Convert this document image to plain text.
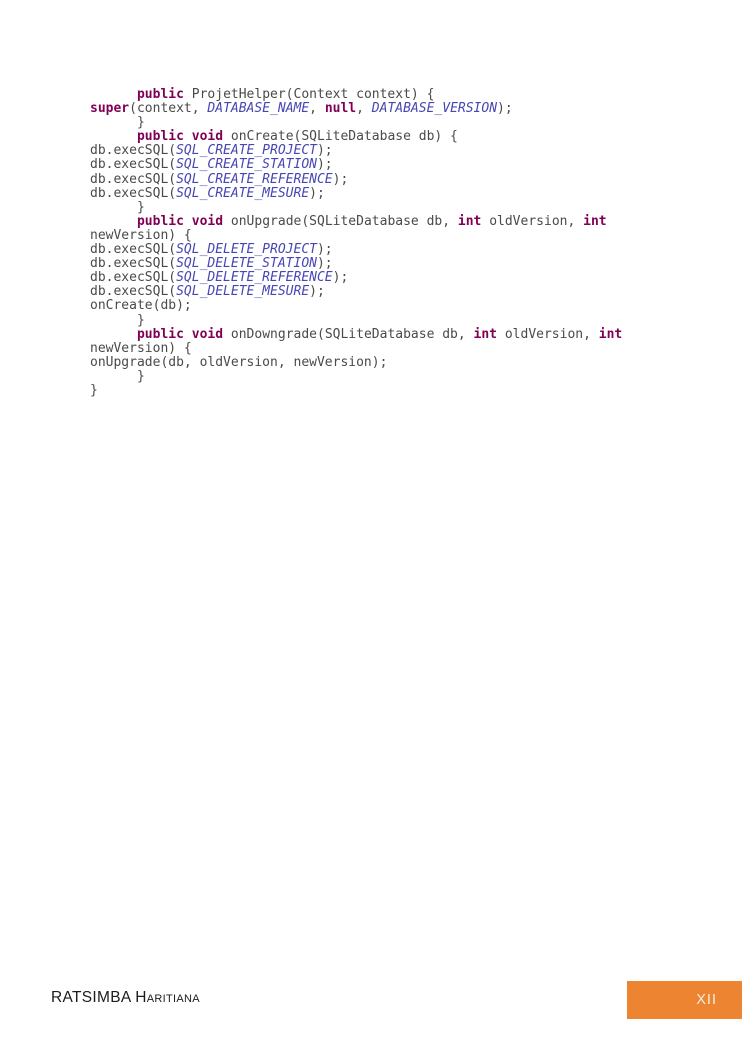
public ProjetHelper(Context context) {
super(context, DATABASE_NAME, null, DATABASE_VERSION);
}
public void onCreate(SQLiteDatabase db) {
db.execSQL(SQL_CREATE_PROJECT);
db.execSQL(SQL_CREATE_STATION);
db.execSQL(SQL_CREATE_REFERENCE);
db.execSQL(SQL_CREATE_MESURE);
}
public void onUpgrade(SQLiteDatabase db, int oldVersion, int
newVersion) {
db.execSQL(SQL_DELETE_PROJECT);
db.execSQL(SQL_DELETE_STATION);
db.execSQL(SQL_DELETE_REFERENCE);
db.execSQL(SQL_DELETE_MESURE);
onCreate(db);
}
public void onDowngrade(SQLiteDatabase db, int oldVersion, int
newVersion) {
onUpgrade(db, oldVersion, newVersion);
}
}
RATSIMBA Haritiana	XII
